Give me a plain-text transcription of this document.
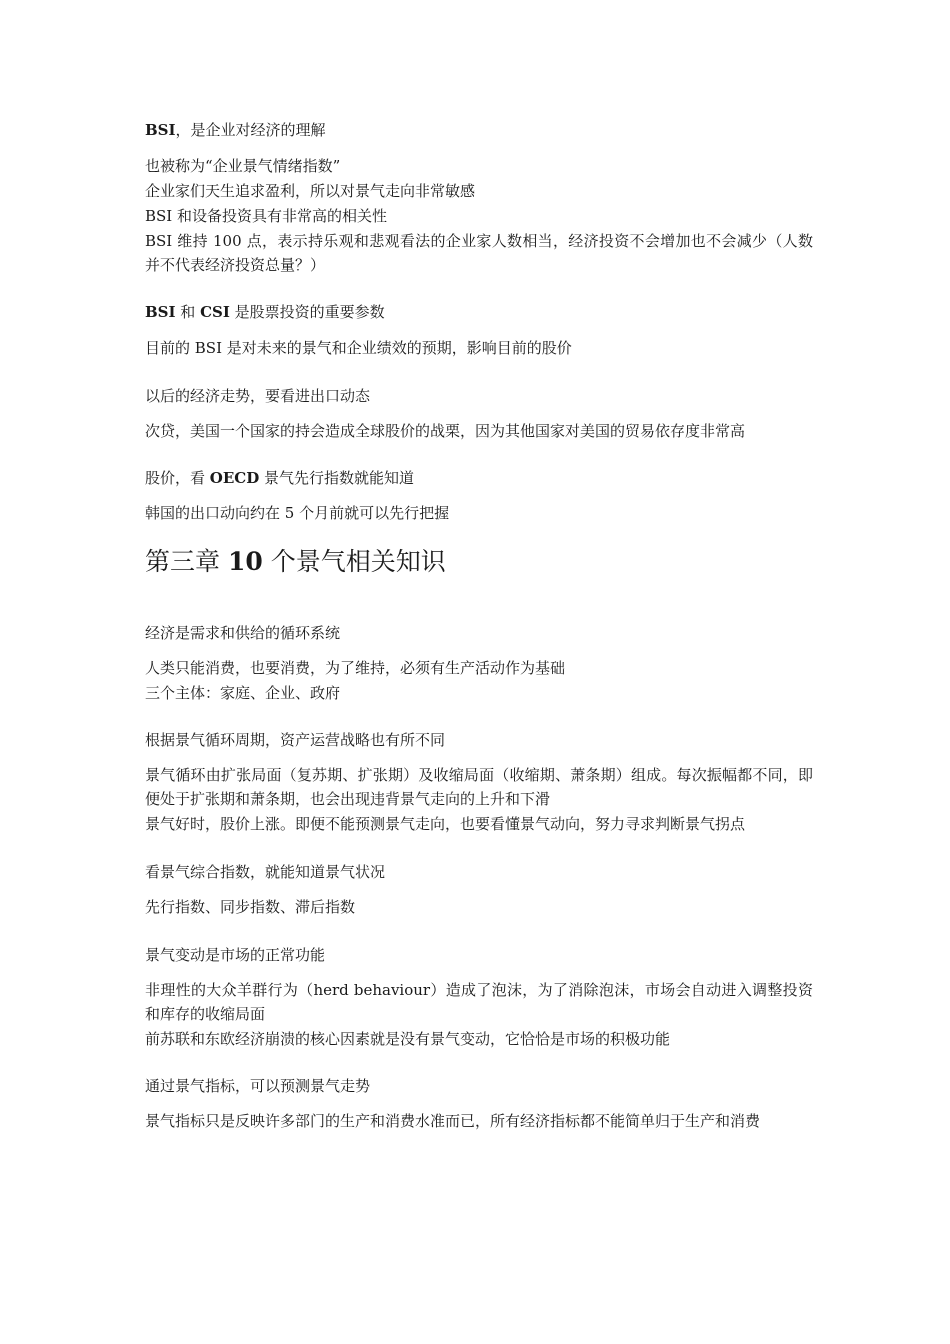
BSI，是企业对经济的理解
也被称为“企业景气情绪指数”
企业家们天生追求盈利，所以对景气走向非常敏感
BSI 和设备投资具有非常高的相关性
BSI 维持 100 点，表示持乐观和悲观看法的企业家人数相当，经济投资不会增加也不会减少（人数并不代表经济投资总量？）
BSI 和 CSI 是股票投资的重要参数
目前的 BSI 是对未来的景气和企业绩效的预期，影响目前的股价
以后的经济走势，要看进出口动态
次贷，美国一个国家的持会造成全球股价的战栗，因为其他国家对美国的贸易依存度非常高
股价，看 OECD 景气先行指数就能知道
韩国的出口动向约在 5 个月前就可以先行把握
第三章 10 个景气相关知识
经济是需求和供给的循环系统
人类只能消费，也要消费，为了维持，必须有生产活动作为基础
三个主体：家庭、企业、政府
根据景气循环周期，资产运营战略也有所不同
景气循环由扩张局面（复苏期、扩张期）及收缩局面（收缩期、萧条期）组成。每次振幅都不同，即便处于扩张期和萧条期，也会出现违背景气走向的上升和下滑
景气好时，股价上涨。即便不能预测景气走向，也要看懂景气动向，努力寻求判断景气拐点
看景气综合指数，就能知道景气状况
先行指数、同步指数、滞后指数
景气变动是市场的正常功能
非理性的大众羊群行为（herd behaviour）造成了泡沫，为了消除泡沫，市场会自动进入调整投资和库存的收缩局面
前苏联和东欧经济崩溃的核心因素就是没有景气变动，它恰恰是市场的积极功能
通过景气指标，可以预测景气走势
景气指标只是反映许多部门的生产和消费水准而已，所有经济指标都不能简单归于生产和消费
